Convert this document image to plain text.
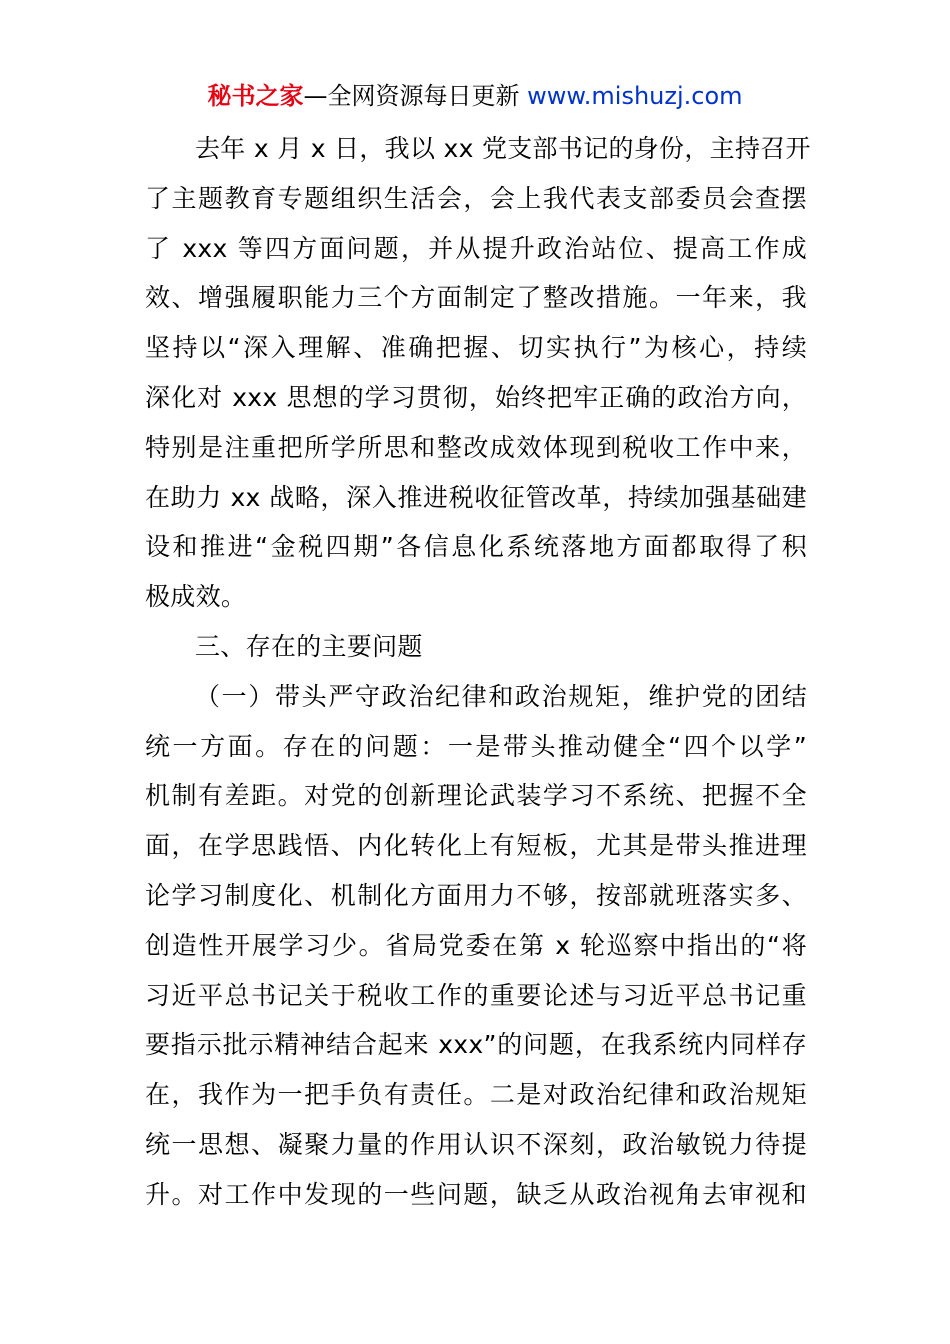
秘书之家—全网资源每日更新 www.mishuzj.com
去年 x 月 x 日，我以 xx 党支部书记的身份，主持召开
了主题教育专题组织生活会，会上我代表支部委员会查摆
了 xxx 等四方面问题，并从提升政治站位、提高工作成
效、增强履职能力三个方面制定了整改措施。一年来，我
坚持以“深入理解、准确把握、切实执行”为核心，持续
深化对 xxx 思想的学习贯彻，始终把牢正确的政治方向，
特别是注重把所学所思和整改成效体现到税收工作中来，
在助力 xx 战略，深入推进税收征管改革，持续加强基础建
设和推进“金税四期”各信息化系统落地方面都取得了积
极成效。
三、存在的主要问题
（一）带头严守政治纪律和政治规矩，维护党的团结
统一方面。存在的问题：一是带头推动健全“四个以学”
机制有差距。对党的创新理论武装学习不系统、把握不全
面，在学思践悟、内化转化上有短板，尤其是带头推进理
论学习制度化、机制化方面用力不够，按部就班落实多、
创造性开展学习少。省局党委在第 x 轮巡察中指出的“将
习近平总书记关于税收工作的重要论述与习近平总书记重
要指示批示精神结合起来 xxx”的问题，在我系统内同样存
在，我作为一把手负有责任。二是对政治纪律和政治规矩
统一思想、凝聚力量的作用认识不深刻，政治敏锐力待提
升。对工作中发现的一些问题，缺乏从政治视角去审视和
